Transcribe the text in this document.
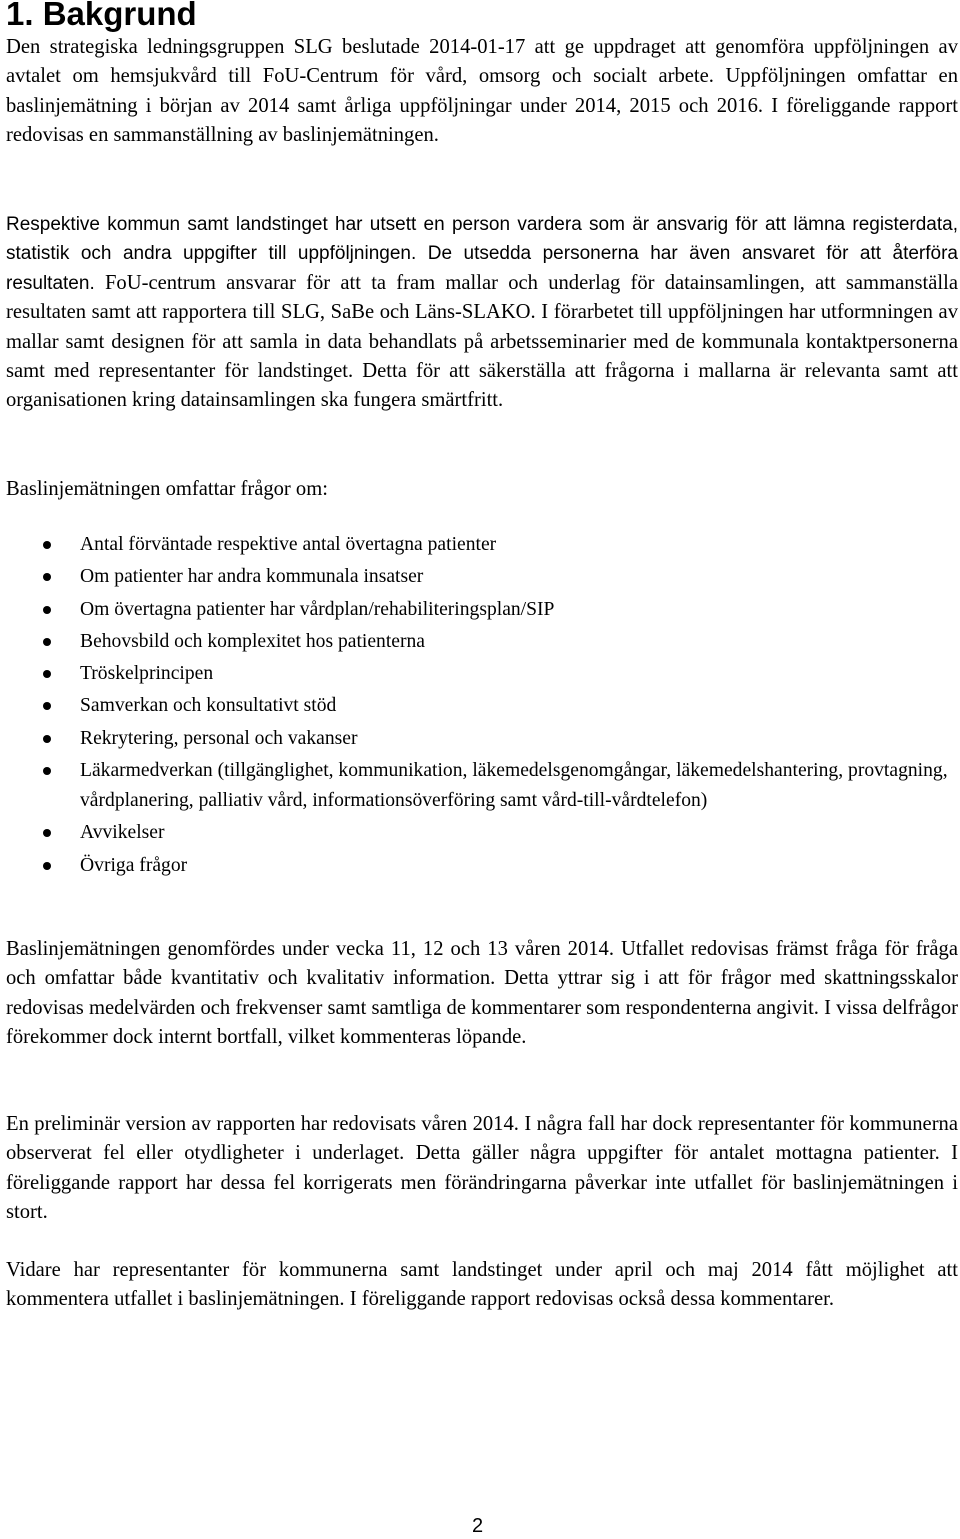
1. Bakgrund

Den strategiska ledningsgruppen SLG beslutade 2014-01-17 att ge uppdraget att genomföra uppföljningen av avtalet om hemsjukvård till FoU-Centrum för vård, omsorg och socialt arbete. Uppföljningen omfattar en baslinjemätning i början av 2014 samt årliga uppföljningar under 2014, 2015 och 2016. I föreliggande rapport redovisas en sammanställning av baslinjemätningen.

Respektive kommun samt landstinget har utsett en person vardera som är ansvarig för att lämna registerdata, statistik och andra uppgifter till uppföljningen. De utsedda personerna har även ansvaret för att återföra resultaten. FoU-centrum ansvarar för att ta fram mallar och underlag för datainsamlingen, att sammanställa resultaten samt att rapportera till SLG, SaBe och Läns-SLAKO. I förarbetet till uppföljningen har utformningen av mallar samt designen för att samla in data behandlats på arbetsseminarier med de kommunala kontaktpersonerna samt med representanter för landstinget. Detta för att säkerställa att frågorna i mallarna är relevanta samt att organisationen kring datainsamlingen ska fungera smärtfritt.

Baslinjemätningen omfattar frågor om:

Antal förväntade respektive antal övertagna patienter
Om patienter har andra kommunala insatser
Om övertagna patienter har vårdplan/rehabiliteringsplan/SIP
Behovsbild och komplexitet hos patienterna
Tröskelprincipen
Samverkan och konsultativt stöd
Rekrytering, personal och vakanser
Läkarmedverkan (tillgänglighet, kommunikation, läkemedelsgenomgångar, läkemedelshantering, provtagning, vårdplanering, palliativ vård, informationsöverföring samt vård-till-vårdtelefon)
Avvikelser
Övriga frågor

Baslinjemätningen genomfördes under vecka 11, 12 och 13 våren 2014. Utfallet redovisas främst fråga för fråga och omfattar både kvantitativ och kvalitativ information. Detta yttrar sig i att för frågor med skattningsskalor redovisas medelvärden och frekvenser samt samtliga de kommentarer som respondenterna angivit. I vissa delfrågor förekommer dock internt bortfall, vilket kommenteras löpande.

En preliminär version av rapporten har redovisats våren 2014. I några fall har dock representanter för kommunerna observerat fel eller otydligheter i underlaget. Detta gäller några uppgifter för antalet mottagna patienter. I föreliggande rapport har dessa fel korrigerats men förändringarna påverkar inte utfallet för baslinjemätningen i stort.

Vidare har representanter för kommunerna samt landstinget under april och maj 2014 fått möjlighet att kommentera utfallet i baslinjemätningen. I föreliggande rapport redovisas också dessa kommentarer.

2
